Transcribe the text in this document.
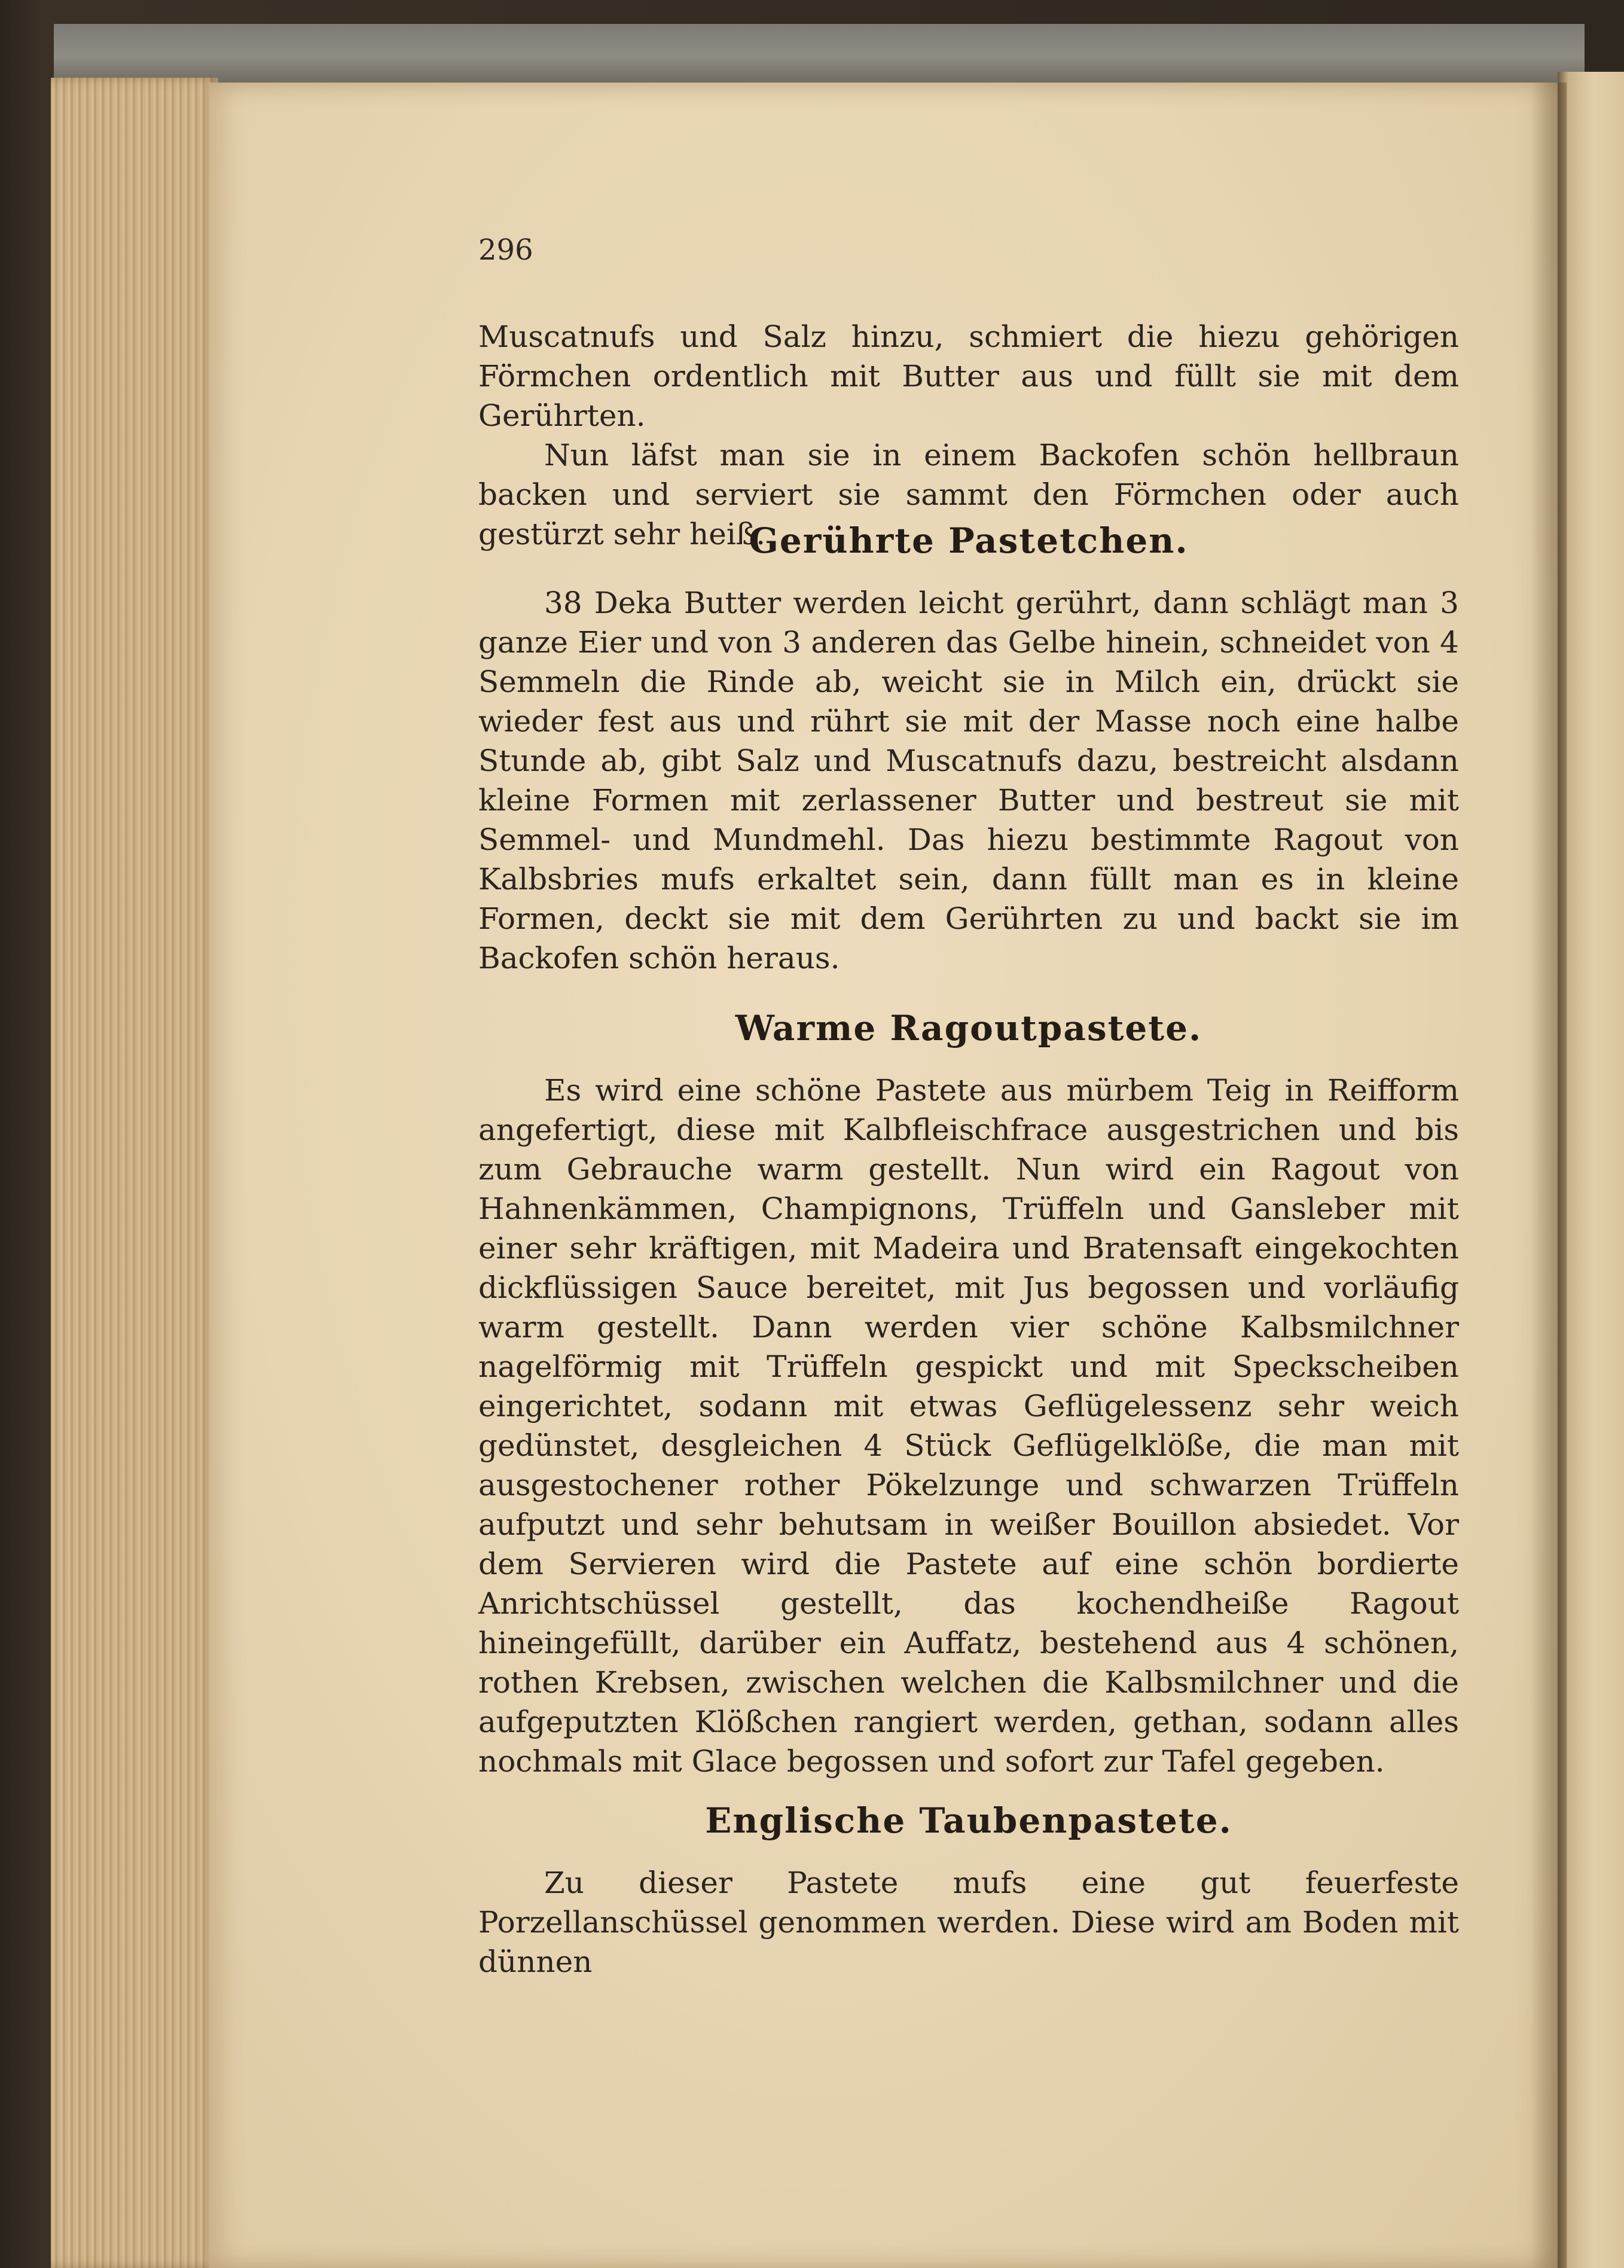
296

Muscatnufs und Salz hinzu, schmiert die hiezu gehörigen Förmchen ordentlich mit Butter aus und füllt sie mit dem Gerührten.

Nun läfst man sie in einem Backofen schön hellbraun backen und serviert sie sammt den Förmchen oder auch gestürzt sehr heiß.

Gerührte Pastetchen.

38 Deka Butter werden leicht gerührt, dann schlägt man 3 ganze Eier und von 3 anderen das Gelbe hinein, schneidet von 4 Semmeln die Rinde ab, weicht sie in Milch ein, drückt sie wieder fest aus und rührt sie mit der Masse noch eine halbe Stunde ab, gibt Salz und Muscatnufs dazu, bestreicht alsdann kleine Formen mit zerlassener Butter und bestreut sie mit Semmel- und Mundmehl. Das hiezu bestimmte Ragout von Kalbsbries mufs erkaltet sein, dann füllt man es in kleine Formen, deckt sie mit dem Gerührten zu und backt sie im Backofen schön heraus.

Warme Ragoutpastete.

Es wird eine schöne Pastete aus mürbem Teig in Reifform angefertigt, diese mit Kalbfleischfrace ausgestrichen und bis zum Gebrauche warm gestellt. Nun wird ein Ragout von Hahnenkämmen, Champignons, Trüffeln und Gansleber mit einer sehr kräftigen, mit Madeira und Bratensaft eingekochten dickflüssigen Sauce bereitet, mit Jus begossen und vorläufig warm gestellt. Dann werden vier schöne Kalbsmilchner nagelförmig mit Trüffeln gespickt und mit Speckscheiben eingerichtet, sodann mit etwas Geflügelessenz sehr weich gedünstet, desgleichen 4 Stück Geflügelklöße, die man mit ausgestochener rother Pökelzunge und schwarzen Trüffeln aufputzt und sehr behutsam in weißer Bouillon absiedet. Vor dem Servieren wird die Pastete auf eine schön bordierte Anrichtschüssel gestellt, das kochendheiße Ragout hineingefüllt, darüber ein Auffatz, bestehend aus 4 schönen, rothen Krebsen, zwischen welchen die Kalbsmilchner und die aufgeputzten Klößchen rangiert werden, gethan, sodann alles nochmals mit Glace begossen und sofort zur Tafel gegeben.

Englische Taubenpastete.

Zu dieser Pastete mufs eine gut feuerfeste Porzellanschüssel genommen werden. Diese wird am Boden mit dünnen
